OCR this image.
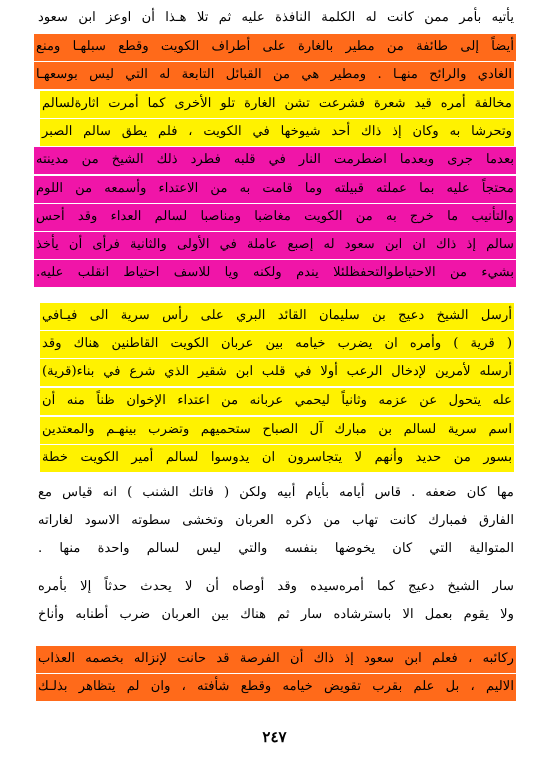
يأتيه بأمر ممن كانت له الكلمة النافذة عليه ثم تلا هـذا أن اوعز ابن سعود
أيضاً إلى طائفة من مطير بالغارة على أطراف الكويت وقطع سبلهـا ومنع
الغادي والرائح منهـا . ومطير هي من القبائل التابعة له التي ليس بوسعهـا
مخالفة أمره قيد شعرة فشرعت تشن الغارة تلو الأخرى كما أمرت اثارةلسالم
وتحرشا به وكان إذ ذاك أحد شيوخها في الكويت ، فلم يطق سالم الصبر
بعدما جرى وبعدما اضطرمت النار في قلبه فطرد ذلك الشيخ من مدينته
محتجاً عليه بما عملته قبيلته وما قامت به من الاعتداء وأسمعه من اللوم
والتأنيب ما خرج به من الكويت مغاضبا ومناصبا لسالم العداء وقد أحس
سالم إذ ذاك ان ابن سعود له إصبع عاملة في الأولى والثانية فرأى أن يأخذ
بشيء من الاحتياطوالتحفظلئلا يندم ولكنه ويا للاسف احتياط انقلب عليه.
أرسل الشيخ دعيج بن سليمان القائد البري على رأس سرية الى فيـافي
( قرية ) وأمره ان يضرب خيامه بين عربان الكويت القاطنين هناك وقد
أرسله لأمرين لإدخال الرعب أولا في قلب ابن شقير الذي شرع في بناء(قرية)
عله يتحول عن عزمه وثانياً ليحمي عربانه من اعتداء الإخوان ظناً منه أن
اسم سرية لسالم بن مبارك آل الصباح ستحميهم وتضرب بينهـم والمعتدين
بسور من حديد وأنهم لا يتجاسرون ان يدوسوا لسالم أمير الكويت خطة
مها كان ضعفه . قاس أيامه بأيام أبيه ولكن ( فاتك الشنب ) انه قياس مع
الفارق فمبارك كانت تهاب من ذكره العربان وتخشى سطوته الاسود لغاراته
المتوالية التي كان يخوضها بنفسه والتي ليس لسالم واحدة منها .
سار الشيخ دعيج كما أمره‌سيده وقد أوصاه أن لا يحدث حدثاً إلا بأمره
ولا يقوم بعمل الا باسترشاده سار ثم هناك بين العربان ضرب أطنابه وأناخ
ركائبه ، فعلم ابن سعود إذ ذاك أن الفرصة قد حانت لإنزاله بخصمه العذاب
الاليم ، بل علم بقرب تقويض خيامه وقطع شأفته ، وان لم يتظاهر بذلـك
٢٤٧
